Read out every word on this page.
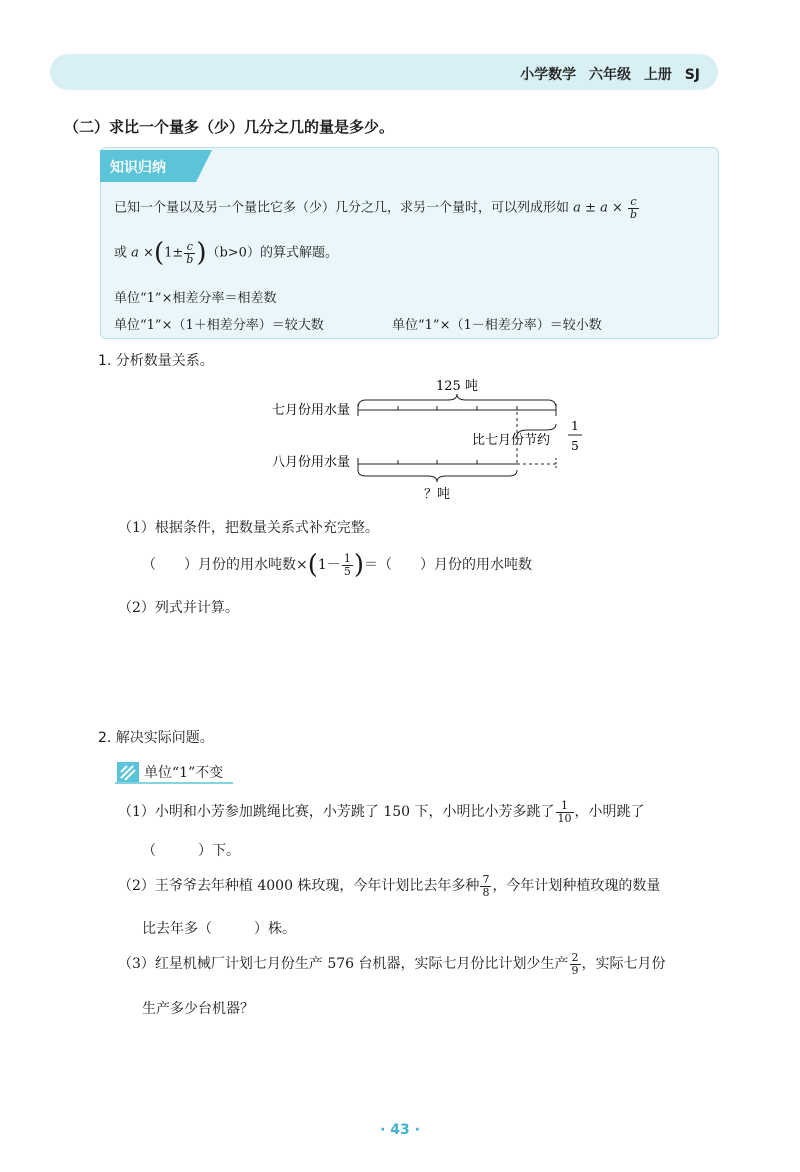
小学数学 六年级 上册 SJ
（二）求比一个量多（少）几分之几的量是多少。
知识归纳
已知一个量以及另一个量比它多（少）几分之几，求另一个量时，可以列成形如 $a \pm a \times \frac{c}{b}$
或 $a \times(1\pm \frac{c}{b} )(b>0)$的算式解题。
单位“1”×相差分率＝相差数
单位“1”×（1＋相差分率）＝较大数	单位“1”×（1－相差分率）＝较小数
1. 分析数量关系。
125 吨
七月份用水量
比七月份节约
1
5
八月份用水量
？吨
（1）根据条件，把数量关系式补充完整。
（　　）月份的用水吨数$\times(1- \frac{1}{5}$ )＝（　　）月份的用水吨数
（2）列式并计算。
2. 解决实际问题。
单位“1”不变
（1）小明和小芳参加跳绳比赛，小芳跳了 150 下，小明比小芳多跳了 $\frac{1}{10}$ ，小明跳了
（　　　）下。
（2）王爷爷去年种植 4000 株玫瑰，今年计划比去年多种 $\frac{7}{8}$ ，今年计划种植玫瑰的数量
比去年多（　　　）株。
（3）红星机械厂计划七月份生产 576 台机器，实际七月份比计划少生产 $\frac{2}{9}$ ，实际七月份
生产多少台机器？
· 43 ·
